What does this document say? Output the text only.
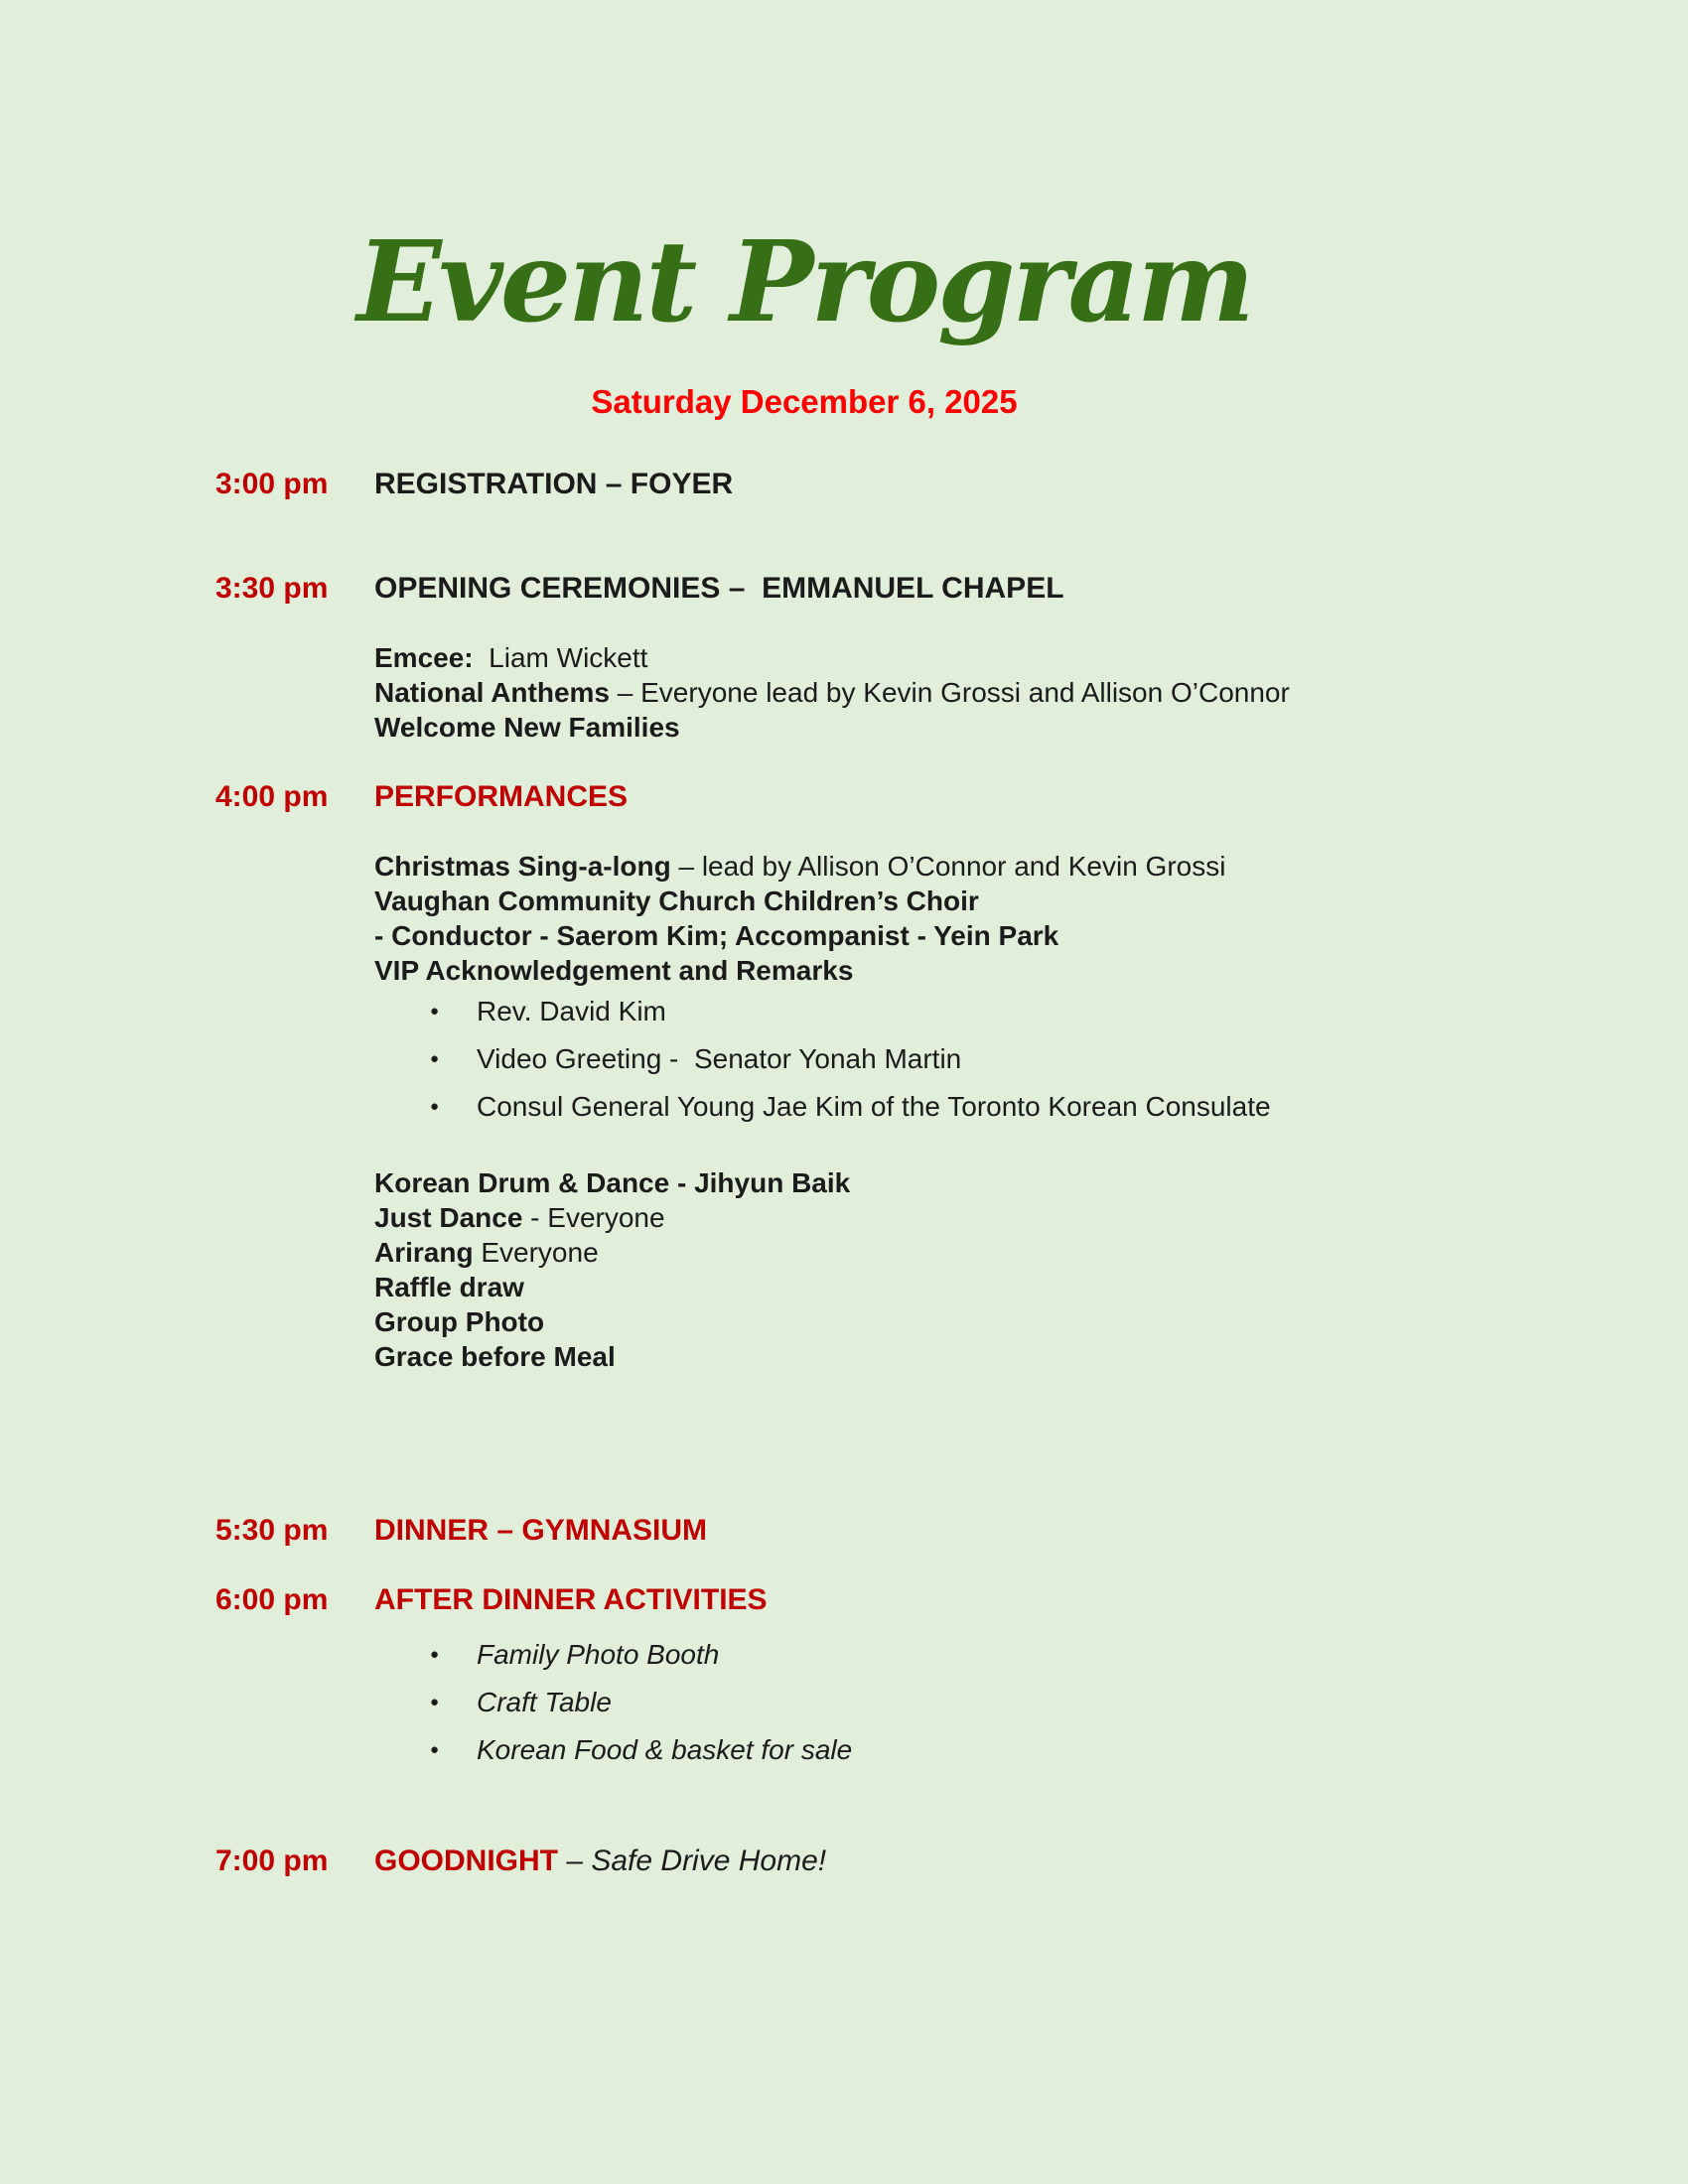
Event Program
Saturday December 6, 2025
3:00 pm REGISTRATION – FOYER
3:30 pm OPENING CEREMONIES –  EMMANUEL CHAPEL
Emcee:  Liam Wickett
National Anthems – Everyone lead by Kevin Grossi and Allison O’Connor
Welcome New Families
4:00 pm PERFORMANCES
Christmas Sing-a-long – lead by Allison O’Connor and Kevin Grossi
Vaughan Community Church Children’s Choir
- Conductor - Saerom Kim; Accompanist - Yein Park
VIP Acknowledgement and Remarks
● Rev. David Kim
● Video Greeting -  Senator Yonah Martin
● Consul General Young Jae Kim of the Toronto Korean Consulate
Korean Drum & Dance - Jihyun Baik
Just Dance - Everyone
Arirang Everyone
Raffle draw
Group Photo
Grace before Meal
5:30 pm DINNER – GYMNASIUM
6:00 pm AFTER DINNER ACTIVITIES
● Family Photo Booth
● Craft Table
● Korean Food & basket for sale
7:00 pm GOODNIGHT – Safe Drive Home!
